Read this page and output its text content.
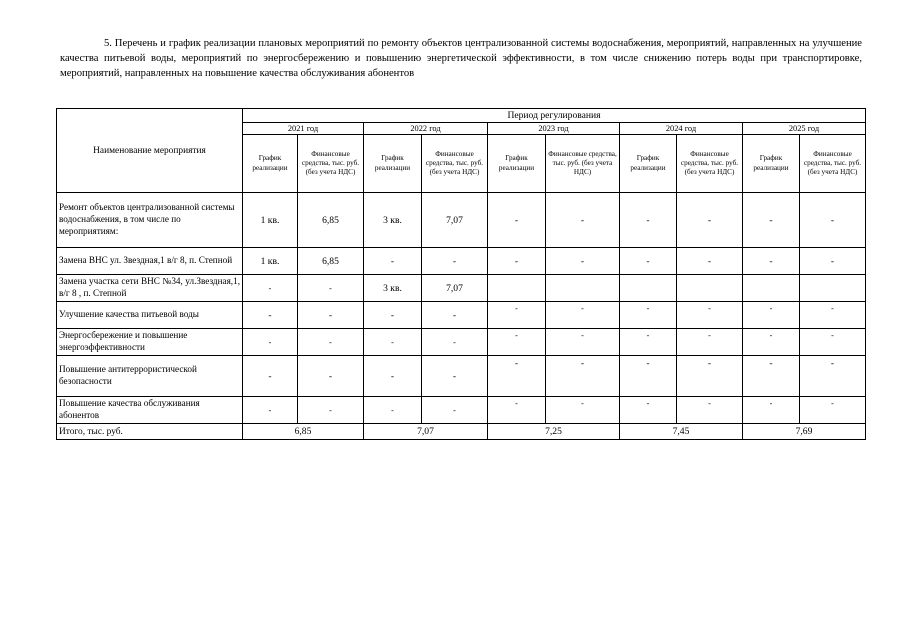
5. Перечень и график реализации плановых мероприятий по ремонту объектов централизованной системы водоснабжения, мероприятий, направленных на улучшение качества питьевой воды, мероприятий по энергосбережению и повышению энергетической эффективности, в том числе снижению потерь воды при транспортировке, мероприятий, направленных на повышение качества обслуживания абонентов
Наименование мероприятия	Период регулирования									
	2021 год		2022 год		2023 год		2024 год		2025 год	
	График реализации	Финансовые средства, тыс. руб. (без учета НДС)	График реализации	Финансовые средства, тыс. руб. (без учета НДС)	График реализации	Финансовые средства, тыс. руб. (без учета НДС)	График реализации	Финансовые средства, тыс. руб. (без учета НДС)	График реализации	Финансовые средства, тыс. руб. (без учета НДС)
Ремонт объектов централизованной системы водоснабжения, в том числе по мероприятиям:	1 кв.	6,85	3 кв.	7,07	-	-	-	-	-	-
Замена ВНС ул. Звездная,1 в/г 8, п. Степной	1 кв.	6,85	-	-	-	-	-	-	-	-
Замена участка сети ВНС №34, ул.Звездная,1, в/г 8 , п. Степной	-	-	3 кв.	7,07						
Улучшение качества питьевой воды	-	-	-	-	-	-	-	-	-	-
Энергосбережение и повышение энергоэффективности	-	-	-	-	-	-	-	-	-	-
Повышение антитеррористической безопасности	-	-	-	-	-	-	-	-	-	-
Повышение качества обслуживания абонентов	-	-	-	-	-	-	-	-	-	-
Итого, тыс. руб.	6,85		7,07		7,25		7,45		7,69	
